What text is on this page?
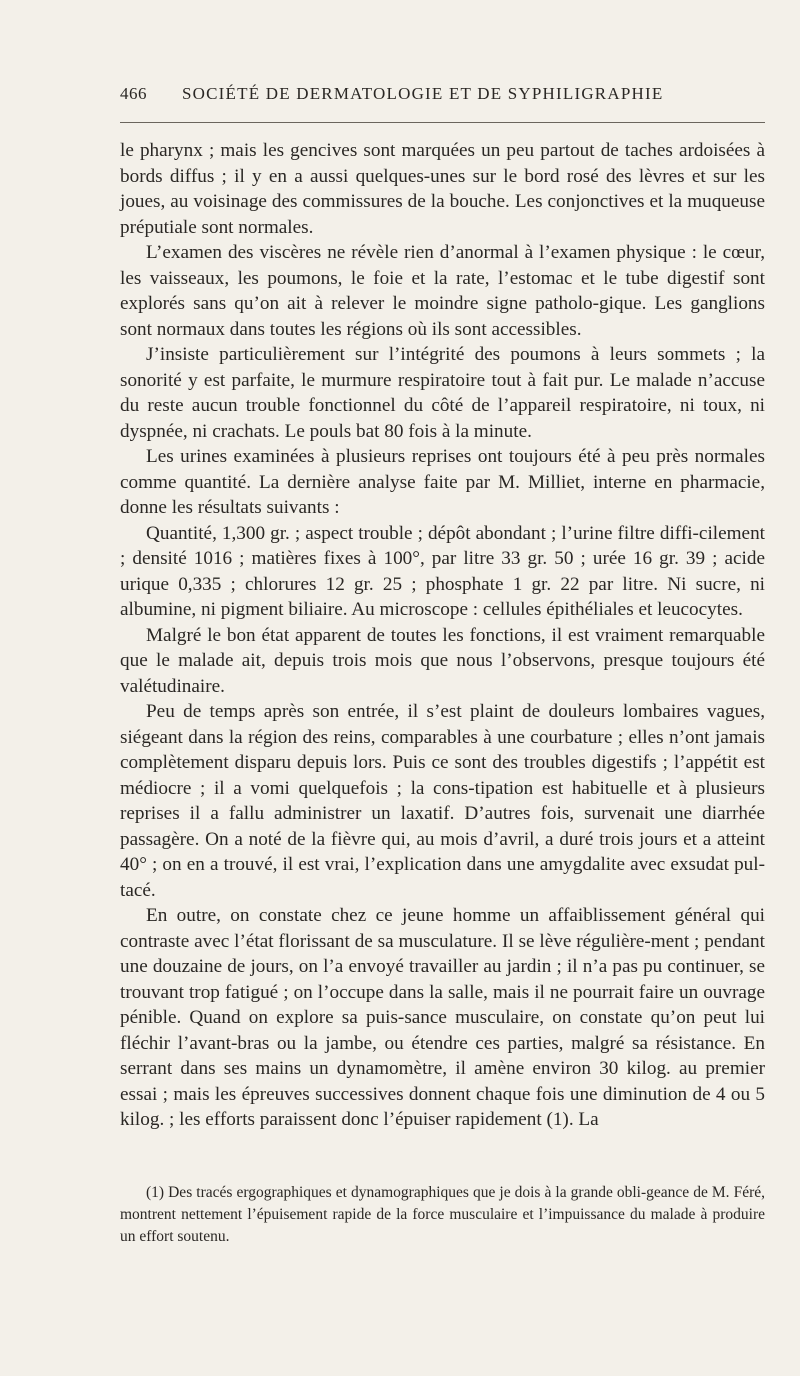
466 SOCIÉTÉ DE DERMATOLOGIE ET DE SYPHILIGRAPHIE

le pharynx ; mais les gencives sont marquées un peu partout de taches ardoisées à bords diffus ; il y en a aussi quelques-unes sur le bord rosé des lèvres et sur les joues, au voisinage des commissures de la bouche. Les conjonctives et la muqueuse préputiale sont normales.

L’examen des viscères ne révèle rien d’anormal à l’examen physique : le cœur, les vaisseaux, les poumons, le foie et la rate, l’estomac et le tube digestif sont explorés sans qu’on ait à relever le moindre signe patholo-gique. Les ganglions sont normaux dans toutes les régions où ils sont accessibles.

J’insiste particulièrement sur l’intégrité des poumons à leurs sommets ; la sonorité y est parfaite, le murmure respiratoire tout à fait pur. Le malade n’accuse du reste aucun trouble fonctionnel du côté de l’appareil respiratoire, ni toux, ni dyspnée, ni crachats. Le pouls bat 80 fois à la minute.

Les urines examinées à plusieurs reprises ont toujours été à peu près normales comme quantité. La dernière analyse faite par M. Milliet, interne en pharmacie, donne les résultats suivants :

Quantité, 1,300 gr. ; aspect trouble ; dépôt abondant ; l’urine filtre diffi-cilement ; densité 1016 ; matières fixes à 100°, par litre 33 gr. 50 ; urée 16 gr. 39 ; acide urique 0,335 ; chlorures 12 gr. 25 ; phosphate 1 gr. 22 par litre. Ni sucre, ni albumine, ni pigment biliaire. Au microscope : cellules épithéliales et leucocytes.

Malgré le bon état apparent de toutes les fonctions, il est vraiment remarquable que le malade ait, depuis trois mois que nous l’observons, presque toujours été valétudinaire.

Peu de temps après son entrée, il s’est plaint de douleurs lombaires vagues, siégeant dans la région des reins, comparables à une courbature ; elles n’ont jamais complètement disparu depuis lors. Puis ce sont des troubles digestifs ; l’appétit est médiocre ; il a vomi quelquefois ; la cons-tipation est habituelle et à plusieurs reprises il a fallu administrer un laxatif. D’autres fois, survenait une diarrhée passagère. On a noté de la fièvre qui, au mois d’avril, a duré trois jours et a atteint 40° ; on en a trouvé, il est vrai, l’explication dans une amygdalite avec exsudat pul-tacé.

En outre, on constate chez ce jeune homme un affaiblissement général qui contraste avec l’état florissant de sa musculature. Il se lève régulière-ment ; pendant une douzaine de jours, on l’a envoyé travailler au jardin ; il n’a pas pu continuer, se trouvant trop fatigué ; on l’occupe dans la salle, mais il ne pourrait faire un ouvrage pénible. Quand on explore sa puis-sance musculaire, on constate qu’on peut lui fléchir l’avant-bras ou la jambe, ou étendre ces parties, malgré sa résistance. En serrant dans ses mains un dynamomètre, il amène environ 30 kilog. au premier essai ; mais les épreuves successives donnent chaque fois une diminution de 4 ou 5 kilog. ; les efforts paraissent donc l’épuiser rapidement (1). La

(1) Des tracés ergographiques et dynamographiques que je dois à la grande obli-geance de M. Féré, montrent nettement l’épuisement rapide de la force musculaire et l’impuissance du malade à produire un effort soutenu.
